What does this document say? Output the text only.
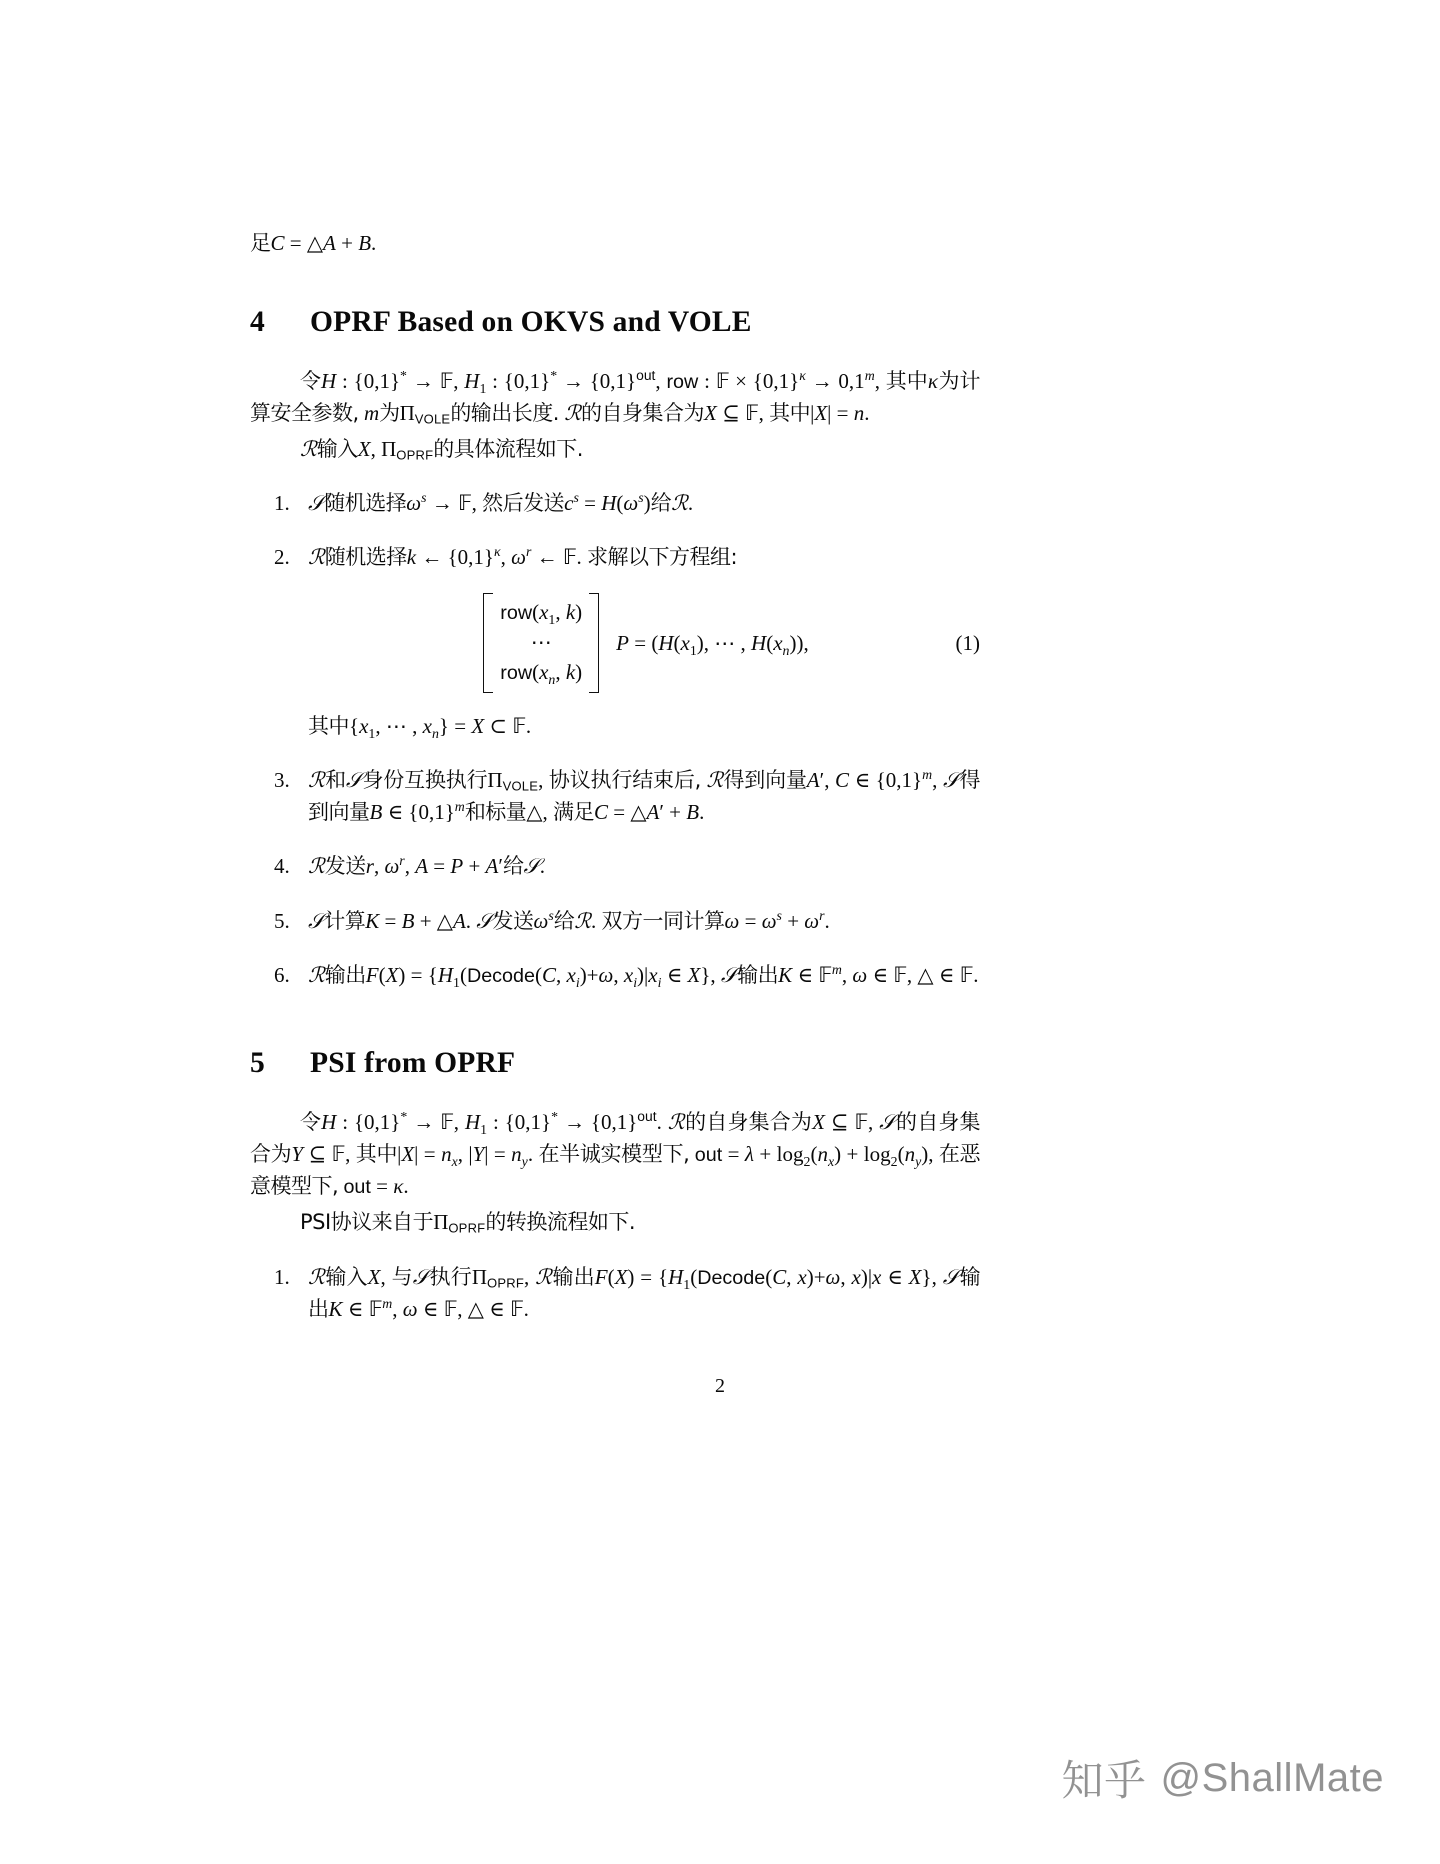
足C = △A + B.

4 OPRF Based on OKVS and VOLE

令H : {0,1}* → 𝔽, $H_1$ : $\{0,1\}^* \to \{0,1\}^{out}$, row : 𝔽 × $\{0,1\}^\kappa \to 0,1^m$, 其中κ为计算安全参数, m为ΠVOLE的输出长度. ℛ的自身集合为X ⊆ 𝔽, 其中|X| = n.

ℛ输入X, ΠOPRF的具体流程如下.

1. 𝒮随机选择$\omega^s$ → 𝔽, 然后发送$c^s = H(\omega^s)$给ℛ.
2. ℛ随机选择k ← $\{0,1\}^\kappa$, $\omega^r$ ← 𝔽. 求解以下方程组:
$row(x_1$, k)
⋯
$row(x_n$, k)
$P = (H(x_1)$, ⋯ , $H(x_n)$),	(1)
其中{$x_1$, ⋯ , $x_n\} = X$ ⊂ 𝔽.
3. ℛ和𝒮身份互换执行ΠVOLE, 协议执行结束后, ℛ得到向量A′, C ∈ $\{0,1\}^m$, 𝒮得到向量B ∈ $\{0,1\}^m$和标量△, 满足C = △A′ + B.
4. ℛ发送r, $\omega^r$, A = P + A′给𝒮.
5. 𝒮计算K = B + △A. 𝒮发送$\omega^s$给ℛ. 双方一同计算$\omega = \omega^s + \omega^r$.
6. ℛ输出$F(X) = \{H_1(Decode(C$, $x_i)+\omega$, $x_i)|x_i$ ∈ X}, 𝒮输出K ∈ 𝔽$^m$, ω ∈ 𝔽, △ ∈ 𝔽.
5 PSI from OPRF

令H : {0,1}* → 𝔽, $H_1$ : $\{0,1\}^* \to \{0,1\}^{out}$. ℛ的自身集合为X ⊆ 𝔽, 𝒮的自身集合为Y ⊆ 𝔽, 其中$|X| = n_x$, $|Y| = n_y$. 在半诚实模型下, out = $\lambda + \log_2(n_x) + \log_2(n_y)$, 在恶意模型下, out = κ.

PSI协议来自于ΠOPRF的转换流程如下.

1. ℛ输入X, 与𝒮执行ΠOPRF, ℛ输出$F(X) = \{H_1(Decode(C$, x)+ω, x)|x ∈ X}, 𝒮输出K ∈ 𝔽$^m$, ω ∈ 𝔽, △ ∈ 𝔽.
2
知乎 @ShallMate
